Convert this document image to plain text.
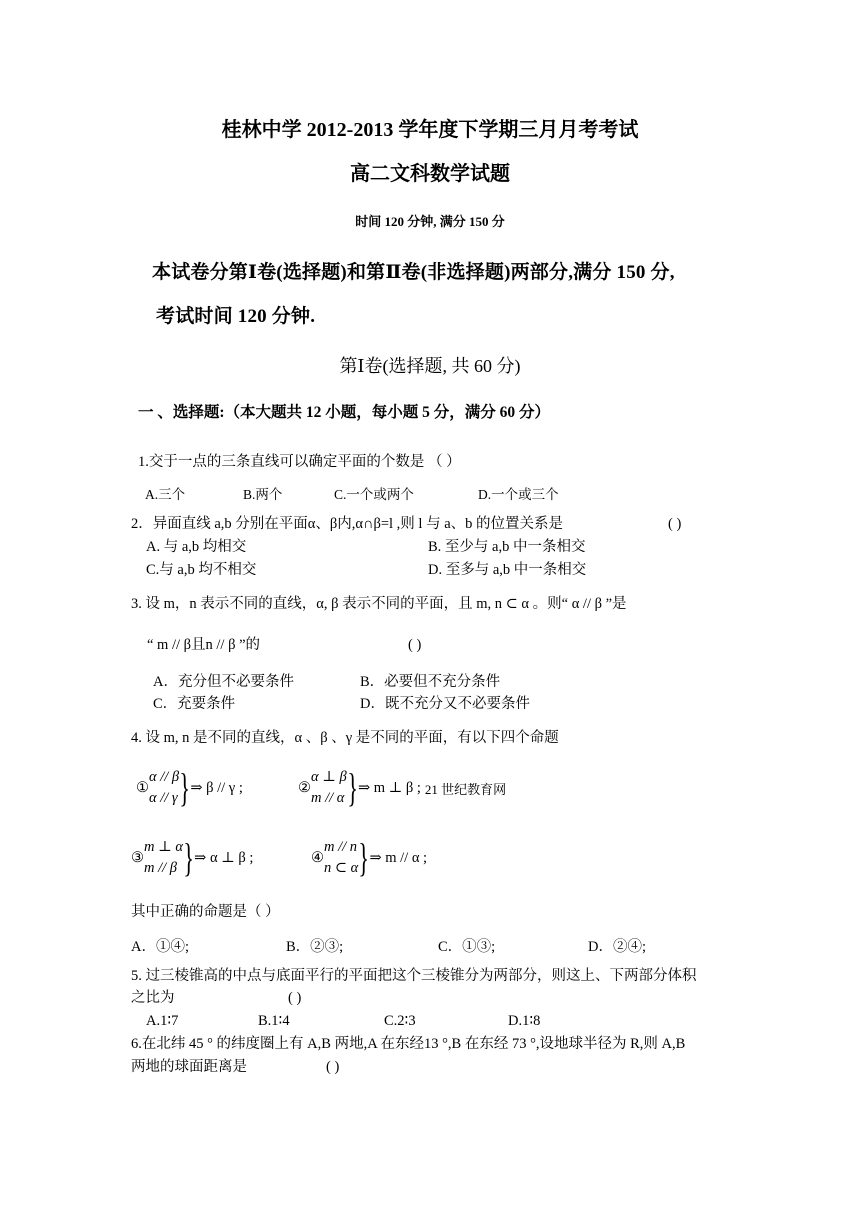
桂林中学 2012-2013 学年度下学期三月月考考试
高二文科数学试题
时间 120 分钟, 满分 150 分
本试卷分第Ⅰ卷(选择题)和第Ⅱ卷(非选择题)两部分,满分 150 分,
考试时间 120 分钟.
第Ⅰ卷(选择题, 共 60 分)
一 、选择题:（本大题共 12 小题，每小题 5 分，满分 60 分）
1.交于一点的三条直线可以确定平面的个数是 （ ）
A.三个	B.两个	C.一个或两个	D.一个或三个
2．异面直线 a,b 分别在平面α、β内,α∩β=l ,则 l 与 a、b 的位置关系是	( )
A. 与 a,b 均相交	B. 至少与 a,b 中一条相交
C.与 a,b 均不相交	D. 至多与 a,b 中一条相交
3. 设 m，n 表示不同的直线，α, β 表示不同的平面，且 m, n ⊂ α 。则“ α // β ”是
“ m // β且n // β ”的	( )
A．充分但不必要条件	B．必要但不充分条件
C．充要条件	D．既不充分又不必要条件
4. 设 m, n 是不同的直线，α 、β 、γ 是不同的平面，有以下四个命题
①
α // β
α // γ } ⇒ β // γ ;	②
α ⊥ β
m // α } ⇒ m ⊥ β ; 21 世纪教育网
③
m ⊥ α
m // β } ⇒ α ⊥ β ;	④
m // n
n ⊂ α } ⇒ m // α ;
其中正确的命题是（ ）
A．①④;	B．②③;	C．①③;	D．②④;
5. 过三棱锥高的中点与底面平行的平面把这个三棱锥分为两部分，则这上、下两部分体积
之比为	( )
A.1∶7	B.1∶4	C.2∶3	D.1∶8
6.在北纬 45 ° 的纬度圈上有 A,B 两地,A 在东经13 °,B 在东经 73 °,设地球半径为 R,则 A,B
两地的球面距离是	( )
